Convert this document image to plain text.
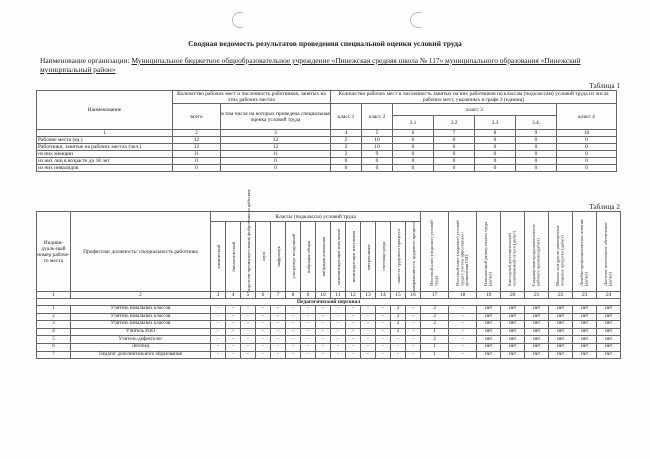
Сводная ведомость результатов проведения специальной оценки условий труда
Наименование организации: Муниципальное бюджетное общеобразовательное учреждение «Пинежская средняя школа № 117» муниципального образования «Пинежский муниципальный район»
Таблица 1
Наименование	Количество рабочих мест и численность работников, занятых на этих рабочих местах		Количество рабочих мест и численность занятых на них работников по классам (подклассам) условий труда из числа рабочих мест, указанных в графе 3 (единиц)						
	всего	в том числе на которых проведена специальная оценка условий труда	класс 1	класс 2	класс 3				класс 4
					3.1	3.2	3.3	3.4.	
1	2	3	4	5	6	7	8	9	10
Рабочие места (ед.)	12	12	2	10	0	0	0	0	0
Работники, занятые на рабочих местах (чел.)	12	12	2	10	0	0	0	0	0
из них женщин	11	11	2	9	0	0	0	0	0
из них лиц в возрасте до 18 лет	0	0	0	0	0	0	0	0	0
из них инвалидов	0	0	0	0	0	0	0	0	0
Таблица 2
Индиви-дуаль-ный номер рабоче-го места	Профессия/ должность/ специальность работника	Классы (подклассы) условий труда														Итоговый класс (подкласс) условий труда	Итоговый класс (подкласс) условий труда с учетом эффективного применения СИЗ	Повышенный размер оплаты труда (да/нет)	Ежегодный дополнительный оплачиваемый отпуск (да/нет)	Сокращенная продолжительность рабочего времени (да/нет)	Молоко или другие равноценные пищевые продукты (да/нет)	Лечебно-профилактическое питание (да/нет)	Льготное пенсионное обеспечение (да/нет)

		химический	биологический	аэрозоли преимущественно фиброгенного действия	шум	инфразвук	ультразвук воздушный	вибрация общая	вибрация локальная	неионизирующие излучения	ионизирующие излучения	микроклимат	световая среда	тяжесть трудового процесса	напряженность трудового процесса								

1	2	3	4	5	6	7	8	9	10	11	12	13	14	15	16	17	18	19	20	21	22	23	24
Педагогический персонал																							
1	Учитель начальных классов	-	-	-	-	-	-	-	-	-	-	-	-	2	-	2	-	нет	нет	нет	нет	нет	нет
2	Учитель начальных классов	-	-	-	-	-	-	-	-	-	-	-	-	2	-	2	-	нет	нет	нет	нет	нет	нет
3	Учитель начальных классов	-	-	-	-	-	-	-	-	-	-	-	-	2	-	2	-	нет	нет	нет	нет	нет	нет
4	Учитель ИЗО	-	-	-	-	-	-	-	-	-	-	-	-	2	-	1	-	нет	нет	нет	нет	нет	нет
5	Учитель-дефектолог	-	-	-	-	-	-	-	-	-	-	-	-	-	-	2	-	нет	нет	нет	нет	нет	нет
6	Логопед	-	-	-	-	-	-	-	-	-	-	-	-	-	-	1	-	нет	нет	нет	нет	нет	нет
7	Педагог дополнительного образования	-	-	-	-	-	-	-	-	-	-	-	-	-	-	1	-	нет	нет	нет	нет	нет	нет
